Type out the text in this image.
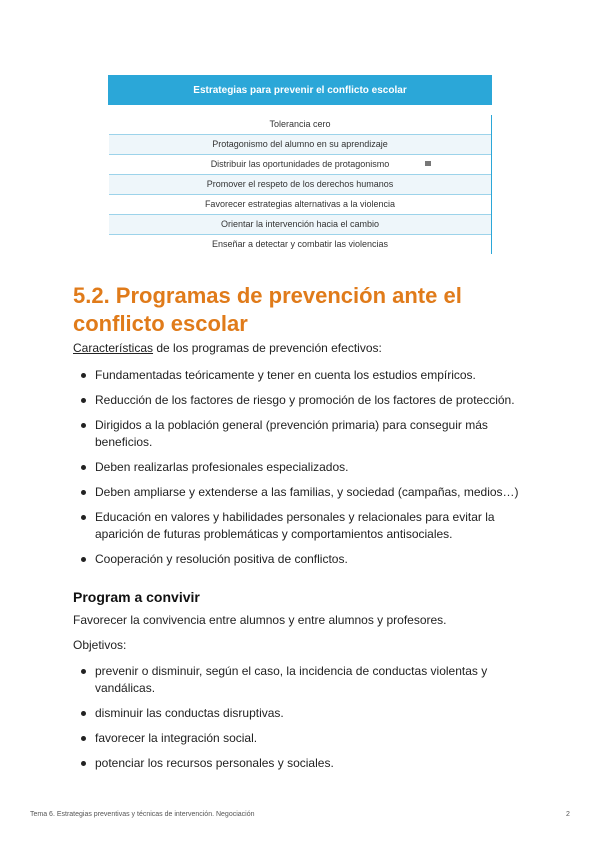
Estrategias para prevenir el conflicto escolar
Tolerancia cero
Protagonismo del alumno en su aprendizaje
Distribuir las oportunidades de protagonismo
Promover el respeto de los derechos humanos
Favorecer estrategias alternativas a la violencia
Orientar la intervención hacia el cambio
Enseñar a detectar y combatir las violencias
5.2. Programas de prevención ante el conflicto escolar

Características de los programas de prevención efectivos:

Fundamentadas teóricamente y tener en cuenta los estudios empíricos.
Reducción de los factores de riesgo y promoción de los factores de protección.
Dirigidos a la población general (prevención primaria) para conseguir más beneficios.
Deben realizarlas profesionales especializados.
Deben ampliarse y extenderse a las familias, y sociedad (campañas, medios…)
Educación en valores y habilidades personales y relacionales para evitar la aparición de futuras problemáticas y comportamientos antisociales.
Cooperación y resolución positiva de conflictos.
Program a convivir

Favorecer la convivencia entre alumnos y entre alumnos y profesores.

Objetivos:

prevenir o disminuir, según el caso, la incidencia de conductas violentas y vandálicas.
disminuir las conductas disruptivas.
favorecer la integración social.
potenciar los recursos personales y sociales.
Tema 6. Estrategias preventivas y técnicas de intervención. Negociación	2
